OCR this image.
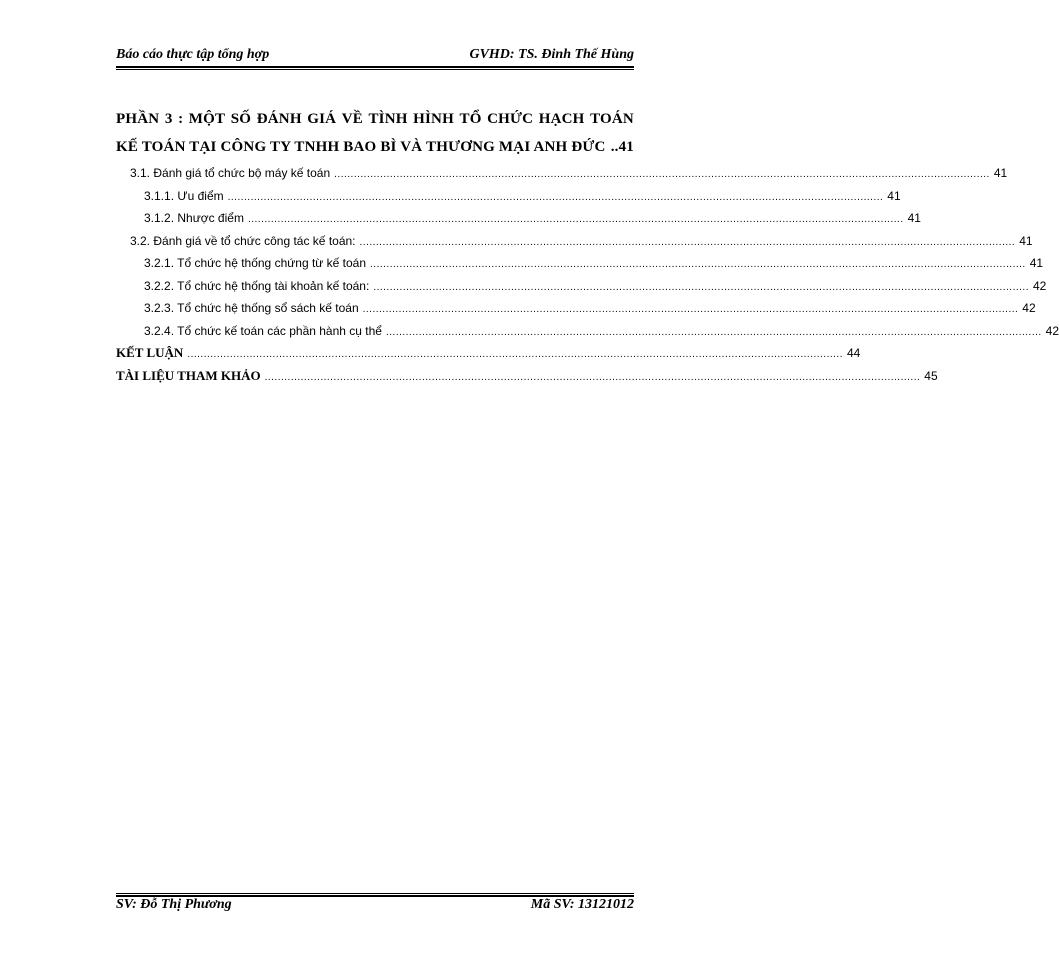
Báo cáo thực tập tổng hợp	GVHD: TS. Đinh Thế Hùng
PHẦN 3 : MỘT SỐ ĐÁNH GIÁ VỀ TÌNH HÌNH TỔ CHỨC HẠCH TOÁN
KẾ TOÁN TẠI CÔNG TY TNHH BAO BÌ VÀ THƯƠNG MẠI ANH ĐỨC ..41
3.1. Đánh giá tổ chức bộ máy kế toán ........................................................................................................................................................................................................ 41
3.1.1. Ưu điểm ........................................................................................................................................................................................................ 41
3.1.2. Nhược điểm ........................................................................................................................................................................................................ 41
3.2. Đánh giá về tổ chức công tác kế toán: ........................................................................................................................................................................................................ 41
3.2.1. Tổ chức hệ thống chứng từ kế toán ........................................................................................................................................................................................................ 41
3.2.2. Tổ chức hệ thống tài khoản kế toán: ........................................................................................................................................................................................................ 42
3.2.3. Tổ chức hệ thống sổ sách kế toán ........................................................................................................................................................................................................ 42
3.2.4. Tổ chức kế toán các phần hành cụ thể ........................................................................................................................................................................................................ 42
KẾT LUẬN ........................................................................................................................................................................................................ 44
TÀI LIỆU THAM KHẢO ........................................................................................................................................................................................................ 45
SV: Đỗ Thị Phương	Mã SV: 13121012
